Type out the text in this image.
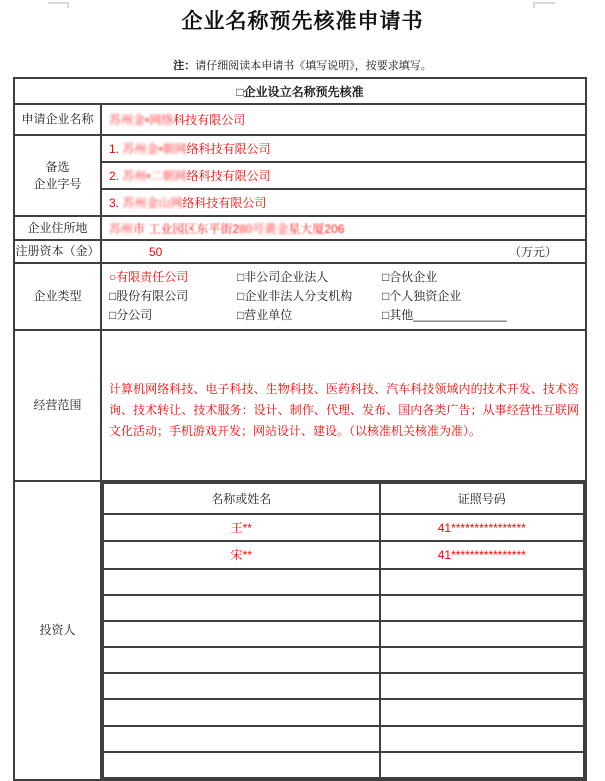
企业名称预先核准申请书
注：请仔细阅读本申请书《填写说明》，按要求填写。
□企业设立名称预先核准
申请企业名称	苏州金•网络科技有限公司

备选
企业字号
	1. 苏州金•朝网络科技有限公司
2. 苏州•二朝网络科技有限公司
3. 苏州金山网络科技有限公司
企业住所地	苏州市 工业园区东平街280号黄金星大厦206
注册资本（金）	50	（万元）

企业类型	
○有限责任公司	□非公司企业法人	□合伙企业
□股份有限公司	□企业非法人分支机构	□个人独资企业
□分公司	□营业单位	□其他______________

经营范围	
计算机网络科技、电子科技、生物科技、医药科技、汽车科技领域内的技术开发、技术咨询、技术转让、技术服务：设计、制作、代理、发布、国内各类广告；从事经营性互联网文化活动；手机游戏开发；网站设计、建设。（以核准机关核准为准）。

投资人	
名称或姓名	证照号码
王**	41****************
宋**	41****************
